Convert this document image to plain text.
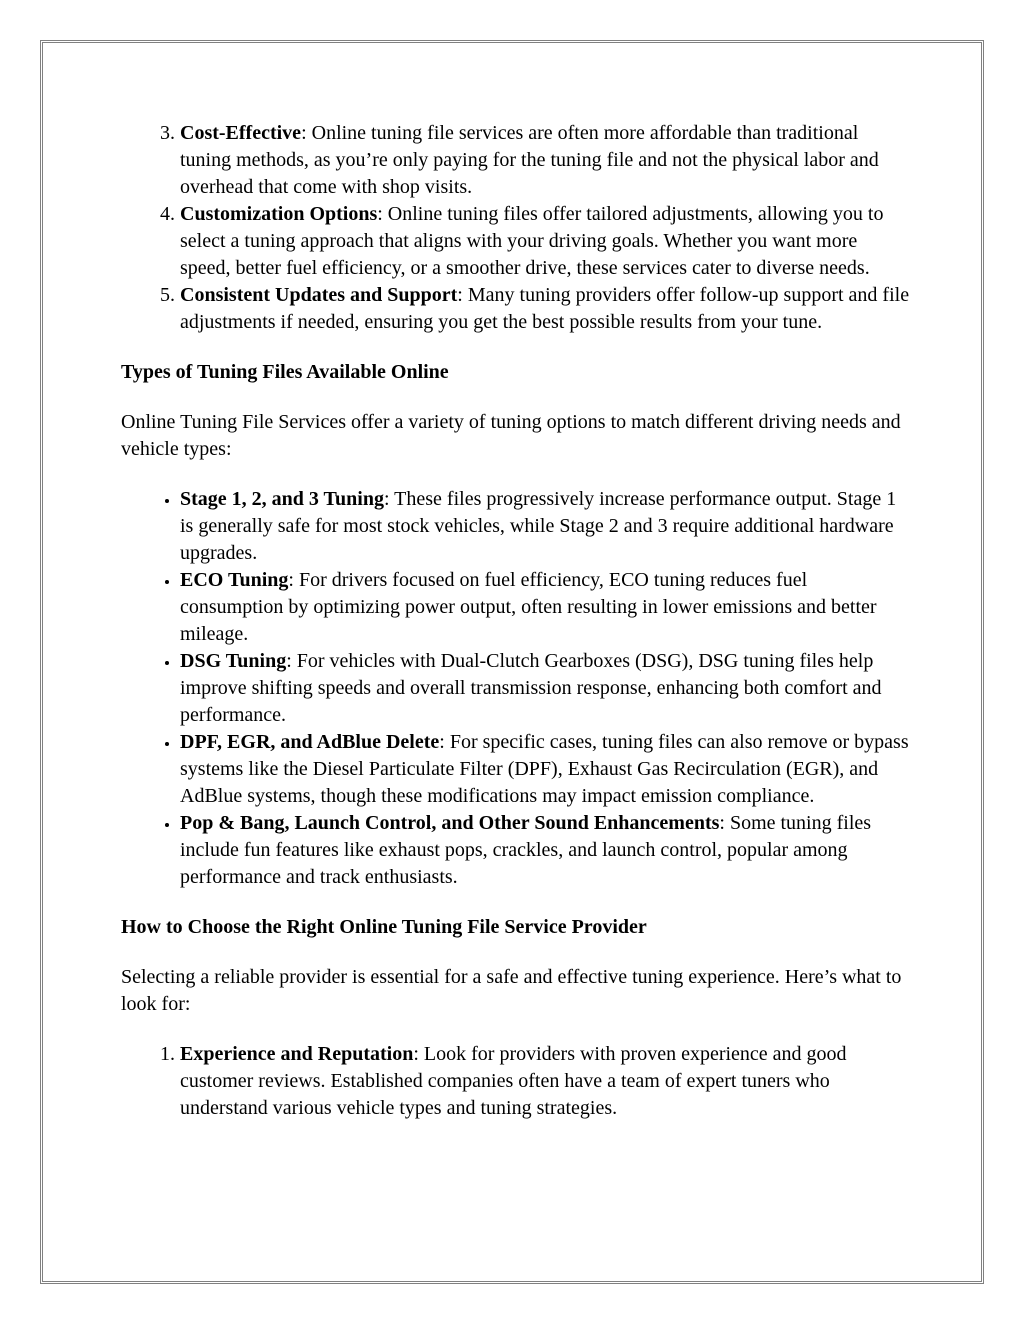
3. Cost-Effective: Online tuning file services are often more affordable than traditional tuning methods, as you’re only paying for the tuning file and not the physical labor and overhead that come with shop visits.
4. Customization Options: Online tuning files offer tailored adjustments, allowing you to select a tuning approach that aligns with your driving goals. Whether you want more speed, better fuel efficiency, or a smoother drive, these services cater to diverse needs.
5. Consistent Updates and Support: Many tuning providers offer follow-up support and file adjustments if needed, ensuring you get the best possible results from your tune.
Types of Tuning Files Available Online

Online Tuning File Services offer a variety of tuning options to match different driving needs and vehicle types:

• Stage 1, 2, and 3 Tuning: These files progressively increase performance output. Stage 1 is generally safe for most stock vehicles, while Stage 2 and 3 require additional hardware upgrades.
• ECO Tuning: For drivers focused on fuel efficiency, ECO tuning reduces fuel consumption by optimizing power output, often resulting in lower emissions and better mileage.
• DSG Tuning: For vehicles with Dual-Clutch Gearboxes (DSG), DSG tuning files help improve shifting speeds and overall transmission response, enhancing both comfort and performance.
• DPF, EGR, and AdBlue Delete: For specific cases, tuning files can also remove or bypass systems like the Diesel Particulate Filter (DPF), Exhaust Gas Recirculation (EGR), and AdBlue systems, though these modifications may impact emission compliance.
• Pop & Bang, Launch Control, and Other Sound Enhancements: Some tuning files include fun features like exhaust pops, crackles, and launch control, popular among performance and track enthusiasts.
How to Choose the Right Online Tuning File Service Provider

Selecting a reliable provider is essential for a safe and effective tuning experience. Here’s what to look for:

1. Experience and Reputation: Look for providers with proven experience and good customer reviews. Established companies often have a team of expert tuners who understand various vehicle types and tuning strategies.
